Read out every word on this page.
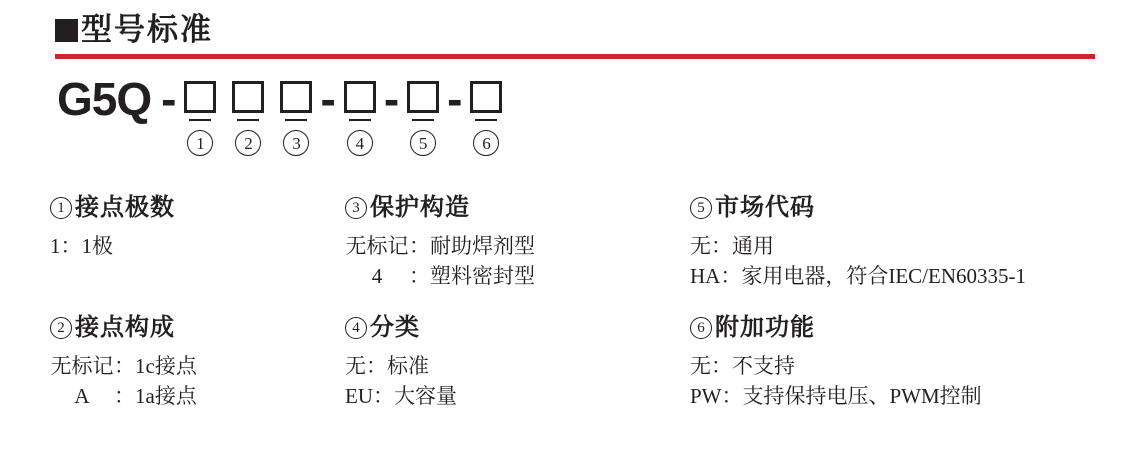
型号标准
G5Q -
1	2	3
-
4
-
5
-
6
1 接点极数
1 ： 1极
2 接点构成
无标记 ： 1c接点
A	： 1a接点
3 保护构造
无标记 ： 耐助焊剂型
4	： 塑料密封型
4 分类
无 ： 标准
EU ： 大容量
5 市场代码
无 ： 通用
HA ： 家用电器，符合IEC/EN60335-1
6 附加功能
无 ： 不支持
PW ： 支持保持电压、PWM控制
